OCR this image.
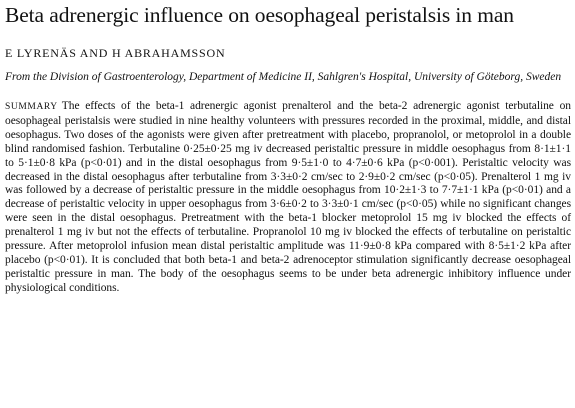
Beta adrenergic influence on oesophageal peristalsis in man
E LYRENÄS AND H ABRAHAMSSON
From the Division of Gastroenterology, Department of Medicine II, Sahlgren's Hospital, University of Göteborg, Sweden

SUMMARY The effects of the beta-1 adrenergic agonist prenalterol and the beta-2 adrenergic agonist terbutaline on oesophageal peristalsis were studied in nine healthy volunteers with pressures recorded in the proximal, middle, and distal oesophagus. Two doses of the agonists were given after pretreatment with placebo, propranolol, or metoprolol in a double blind randomised fashion. Terbutaline 0·25±0·25 mg iv decreased peristaltic pressure in middle oesophagus from 8·1±1·1 to 5·1±0·8 kPa (p<0·01) and in the distal oesophagus from 9·5±1·0 to 4·7±0·6 kPa (p<0·001). Peristaltic velocity was decreased in the distal oesophagus after terbutaline from 3·3±0·2 cm/sec to 2·9±0·2 cm/sec (p<0·05). Prenalterol 1 mg iv was followed by a decrease of peristaltic pressure in the middle oesophagus from 10·2±1·3 to 7·7±1·1 kPa (p<0·01) and a decrease of peristaltic velocity in upper oesophagus from 3·6±0·2 to 3·3±0·1 cm/sec (p<0·05) while no significant changes were seen in the distal oesophagus. Pretreatment with the beta-1 blocker metoprolol 15 mg iv blocked the effects of prenalterol 1 mg iv but not the effects of terbutaline. Propranolol 10 mg iv blocked the effects of terbutaline on peristaltic pressure. After metoprolol infusion mean distal peristaltic amplitude was 11·9±0·8 kPa compared with 8·5±1·2 kPa after placebo (p<0·01). It is concluded that both beta-1 and beta-2 adrenoceptor stimulation significantly decrease oesophageal peristaltic pressure in man. The body of the oesophagus seems to be under beta adrenergic inhibitory influence under physiological conditions.
